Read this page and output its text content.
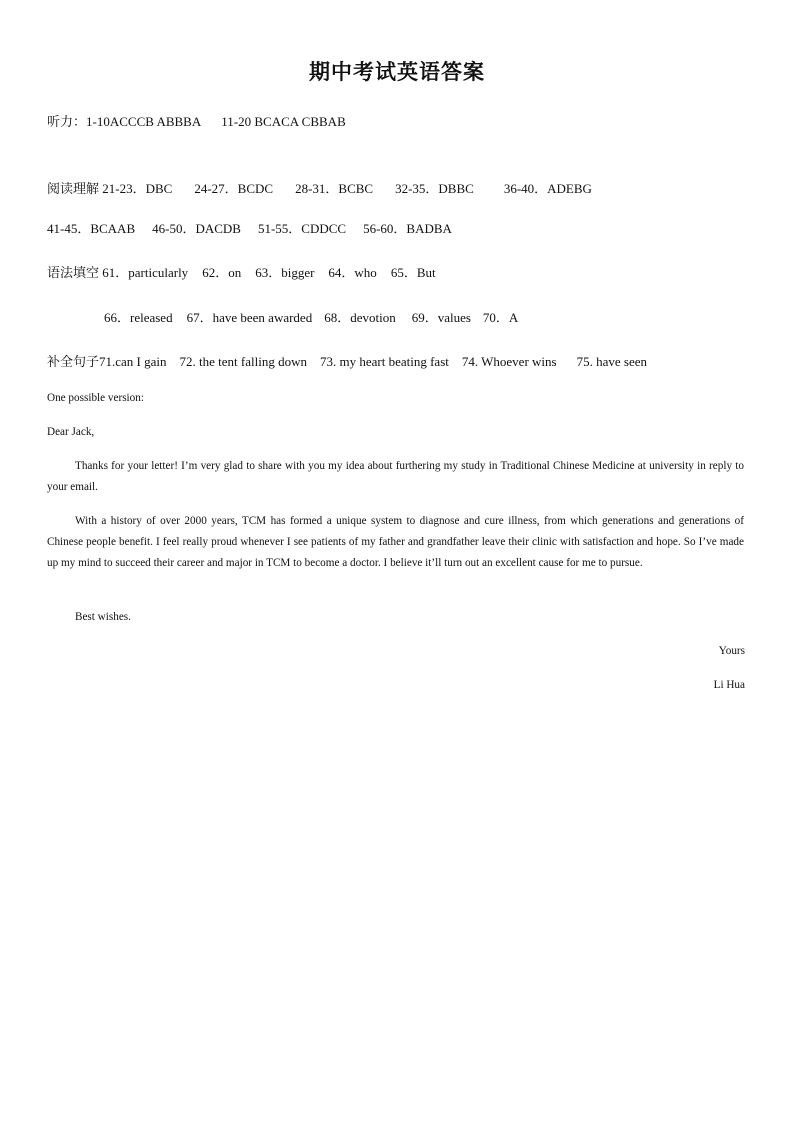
期中考试英语答案
听力：1-10ACCCB ABBBA 11-20 BCACA CBBAB
阅读理解 21-23．DBC 24-27．BCDC 28-31．BCBC 32-35．DBBC 36-40．ADEBG
41-45．BCAAB 46-50．DACDB 51-55．CDDCC 56-60．BADBA
语法填空 61．particularly 62．on 63．bigger 64．who 65．But
66．released 67．have been awarded 68．devotion 69．values 70．A
补全句子71.can I gain 72. the tent falling down 73. my heart beating fast 74. Whoever wins 75. have seen
One possible version:
Dear Jack,
Thanks for your letter! I’m very glad to share with you my idea about furthering my study in Traditional Chinese Medicine at university in reply to your email.
With a history of over 2000 years, TCM has formed a unique system to diagnose and cure illness, from which generations and generations of Chinese people benefit. I feel really proud whenever I see patients of my father and grandfather leave their clinic with satisfaction and hope. So I’ve made up my mind to succeed their career and major in TCM to become a doctor. I believe it’ll turn out an excellent cause for me to pursue.
Best wishes.
Yours
Li Hua
